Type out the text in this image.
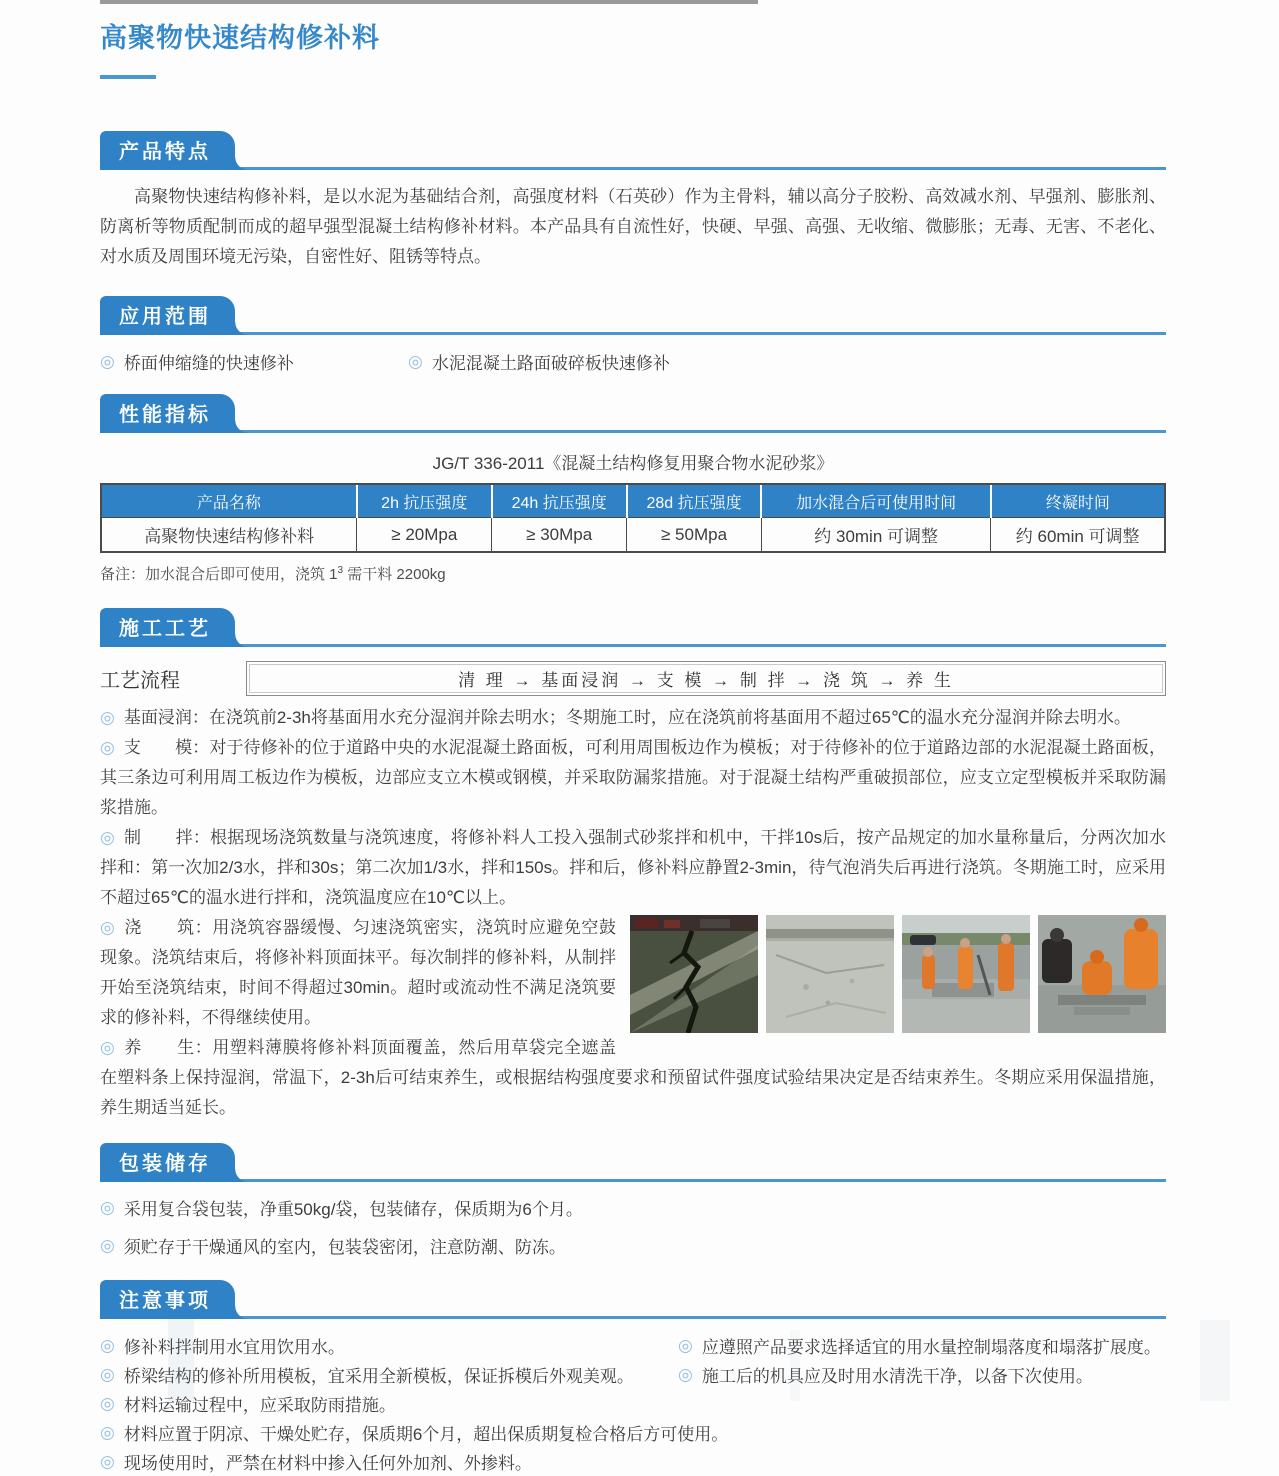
高聚物快速结构修补料
产品特点

高聚物快速结构修补料，是以水泥为基础结合剂，高强度材料（石英砂）作为主骨料，辅以高分子胶粉、高效减水剂、早强剂、膨胀剂、防离析等物质配制而成的超早强型混凝土结构修补材料。本产品具有自流性好，快硬、早强、高强、无收缩、微膨胀；无毒、无害、不老化、对水质及周围环境无污染，自密性好、阻锈等特点。

应用范围
◎ 桥面伸缩缝的快速修补	◎ 水泥混凝土路面破碎板快速修补
性能指标
JG/T 336-2011《混凝土结构修复用聚合物水泥砂浆》
产品名称	2h 抗压强度	24h 抗压强度	28d 抗压强度	加水混合后可使用时间	终凝时间
高聚物快速结构修补料	≥ 20Mpa	≥ 30Mpa	≥ 50Mpa	约 30min 可调整	约 60min 可调整
备注：加水混合后即可使用，浇筑 $1^3$ 需干料 2200kg
施工工艺
工艺流程	清 理 → 基面浸润 → 支 模 → 制 拌 → 浇 筑 → 养 生

◎ 基面浸润：在浇筑前2-3h将基面用水充分湿润并除去明水；冬期施工时，应在浇筑前将基面用不超过65℃的温水充分湿润并除去明水。

◎ 支　　模：对于待修补的位于道路中央的水泥混凝土路面板，可利用周围板边作为模板；对于待修补的位于道路边部的水泥混凝土路面板，其三条边可利用周工板边作为模板，边部应支立木模或钢模，并采取防漏浆措施。对于混凝土结构严重破损部位，应支立定型模板并采取防漏浆措施。

◎ 制　　拌：根据现场浇筑数量与浇筑速度，将修补料人工投入强制式砂浆拌和机中，干拌10s后，按产品规定的加水量称量后，分两次加水拌和：第一次加2/3水，拌和30s；第二次加1/3水，拌和150s。拌和后，修补料应静置2-3min，待气泡消失后再进行浇筑。冬期施工时，应采用不超过65℃的温水进行拌和，浇筑温度应在10℃以上。

◎ 浇　　筑：用浇筑容器缓慢、匀速浇筑密实，浇筑时应避免空鼓现象。浇筑结束后，将修补料顶面抹平。每次制拌的修补料，从制拌开始至浇筑结束，时间不得超过30min。超时或流动性不满足浇筑要求的修补料，不得继续使用。

◎ 养　　生：用塑料薄膜将修补料顶面覆盖，然后用草袋完全遮盖在塑料条上保持湿润，常温下，2-3h后可结束养生，或根据结构强度要求和预留试件强度试验结果决定是否结束养生。冬期应采用保温措施，养生期适当延长。

包装储存
◎ 采用复合袋包装，净重50kg/袋，包装储存，保质期为6个月。
◎ 须贮存于干燥通风的室内，包装袋密闭，注意防潮、防冻。
注意事项
◎ 修补料拌制用水宜用饮用水。
◎ 桥梁结构的修补所用模板，宜采用全新模板，保证拆模后外观美观。
◎ 材料运输过程中，应采取防雨措施。
◎ 材料应置于阴凉、干燥处贮存，保质期6个月，超出保质期复检合格后方可使用。
◎ 现场使用时，严禁在材料中掺入任何外加剂、外掺料。
◎ 应遵照产品要求选择适宜的用水量控制塌落度和塌落扩展度。
◎ 施工后的机具应及时用水清洗干净，以备下次使用。
